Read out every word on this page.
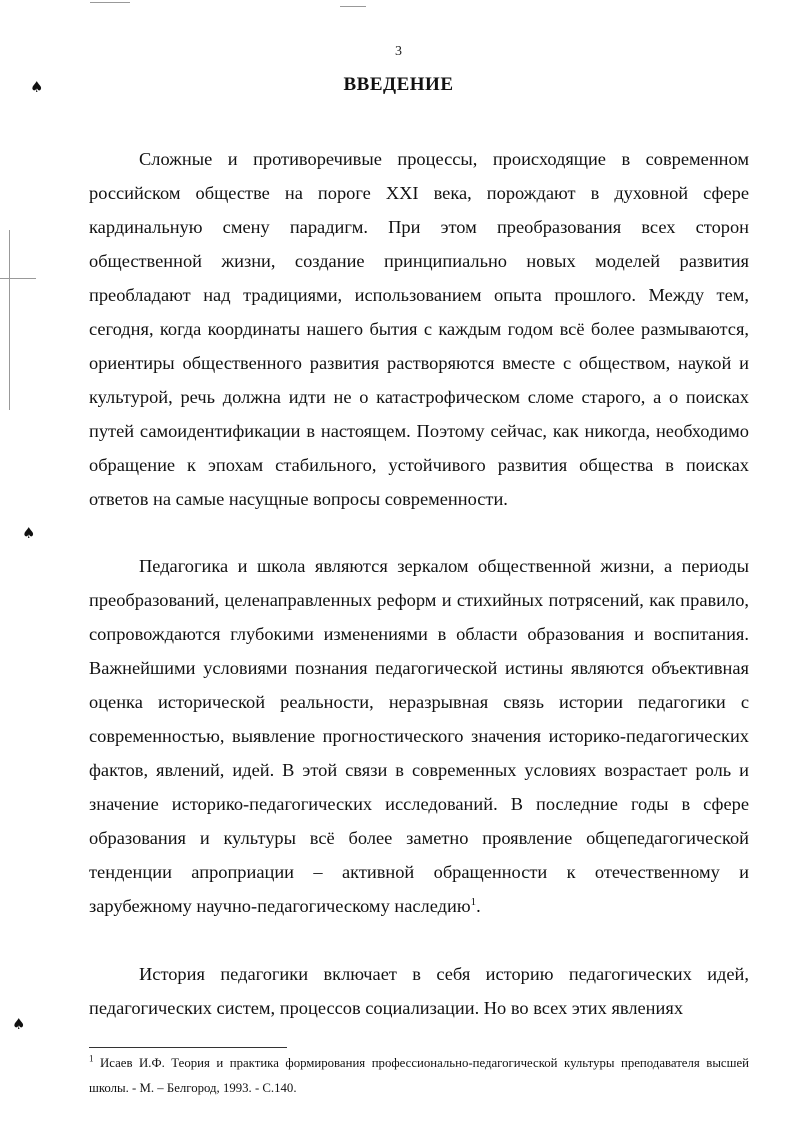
3
ВВЕДЕНИЕ
Сложные и противоречивые процессы, происходящие в современном российском обществе на пороге XXI века, порождают в духовной сфере кардинальную смену парадигм. При этом преобразования всех сторон общественной жизни, создание принципиально новых моделей развития преобладают над традициями, использованием опыта прошлого. Между тем, сегодня, когда координаты нашего бытия с каждым годом всё более размываются, ориентиры общественного развития растворяются вместе с обществом, наукой и культурой, речь должна идти не о катастрофическом сломе старого, а о поисках путей самоидентификации в настоящем. Поэтому сейчас, как никогда, необходимо обращение к эпохам стабильного, устойчивого развития общества в поисках ответов на самые насущные вопросы современности.
Педагогика и школа являются зеркалом общественной жизни, а периоды преобразований, целенаправленных реформ и стихийных потрясений, как правило, сопровождаются глубокими изменениями в области образования и воспитания. Важнейшими условиями познания педагогической истины являются объективная оценка исторической реальности, неразрывная связь истории педагогики с современностью, выявление прогностического значения историко-педагогических фактов, явлений, идей. В этой связи в современных условиях возрастает роль и значение историко-педагогических исследований. В последние годы в сфере образования и культуры всё более заметно проявление общепедагогической тенденции апроприации – активной обращенности к отечественному и зарубежному научно-педагогическому наследию$^1$.
История педагогики включает в себя историю педагогических идей, педагогических систем, процессов социализации. Но во всех этих явлениях
$^1$ Исаев И.Ф. Теория и практика формирования профессионально-педагогической культуры преподавателя высшей школы. - М. – Белгород, 1993. - С.140.
♠
♠
♠
